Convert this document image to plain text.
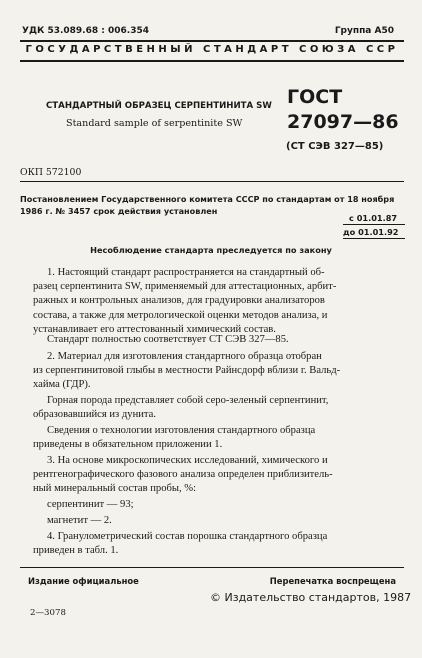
УДК 53.089.68 : 006.354	Группа А50
ГОСУДАРСТВЕННЫЙ СТАНДАРТ СОЮЗА ССР
СТАНДАРТНЫЙ ОБРАЗЕЦ СЕРПЕНТИНИТА SW
Standard sample of serpentinite SW
ГОСТ
27097—86
(СТ СЭВ 327—85)
ОКП 572100
Постановлением Государственного комитета СССР по стандартам от 18 ноября
1986 г. № 3457 срок действия установлен
с 01.01.87
до 01.01.92
Несоблюдение стандарта преследуется по закону
1. Настоящий стандарт распространяется на стандартный об-
разец серпентинита SW, применяемый для аттестационных, арбит-
ражных и контрольных анализов, для градуировки анализаторов
состава, а также для метрологической оценки методов анализа, и
устанавливает его аттестованный химический состав.
Стандарт полностью соответствует СТ СЭВ 327—85.
2. Материал для изготовления стандартного образца отобран
из серпентинитовой глыбы в местности Райнсдорф вблизи г. Вальд-
хайма (ГДР).
Горная порода представляет собой серо-зеленый серпентинит,
образовавшийся из дунита.
Сведения о технологии изготовления стандартного образца
приведены в обязательном приложении 1.
3. На основе микроскопических исследований, химического и
рентгенографического фазового анализа определен приблизитель-
ный минеральный состав пробы, %:
серпентинит — 93;
магнетит — 2.
4. Гранулометрический состав порошка стандартного образца
приведен в табл. 1.
Издание официальное	Перепечатка воспрещена
© Издательство стандартов, 1987
2—3078
